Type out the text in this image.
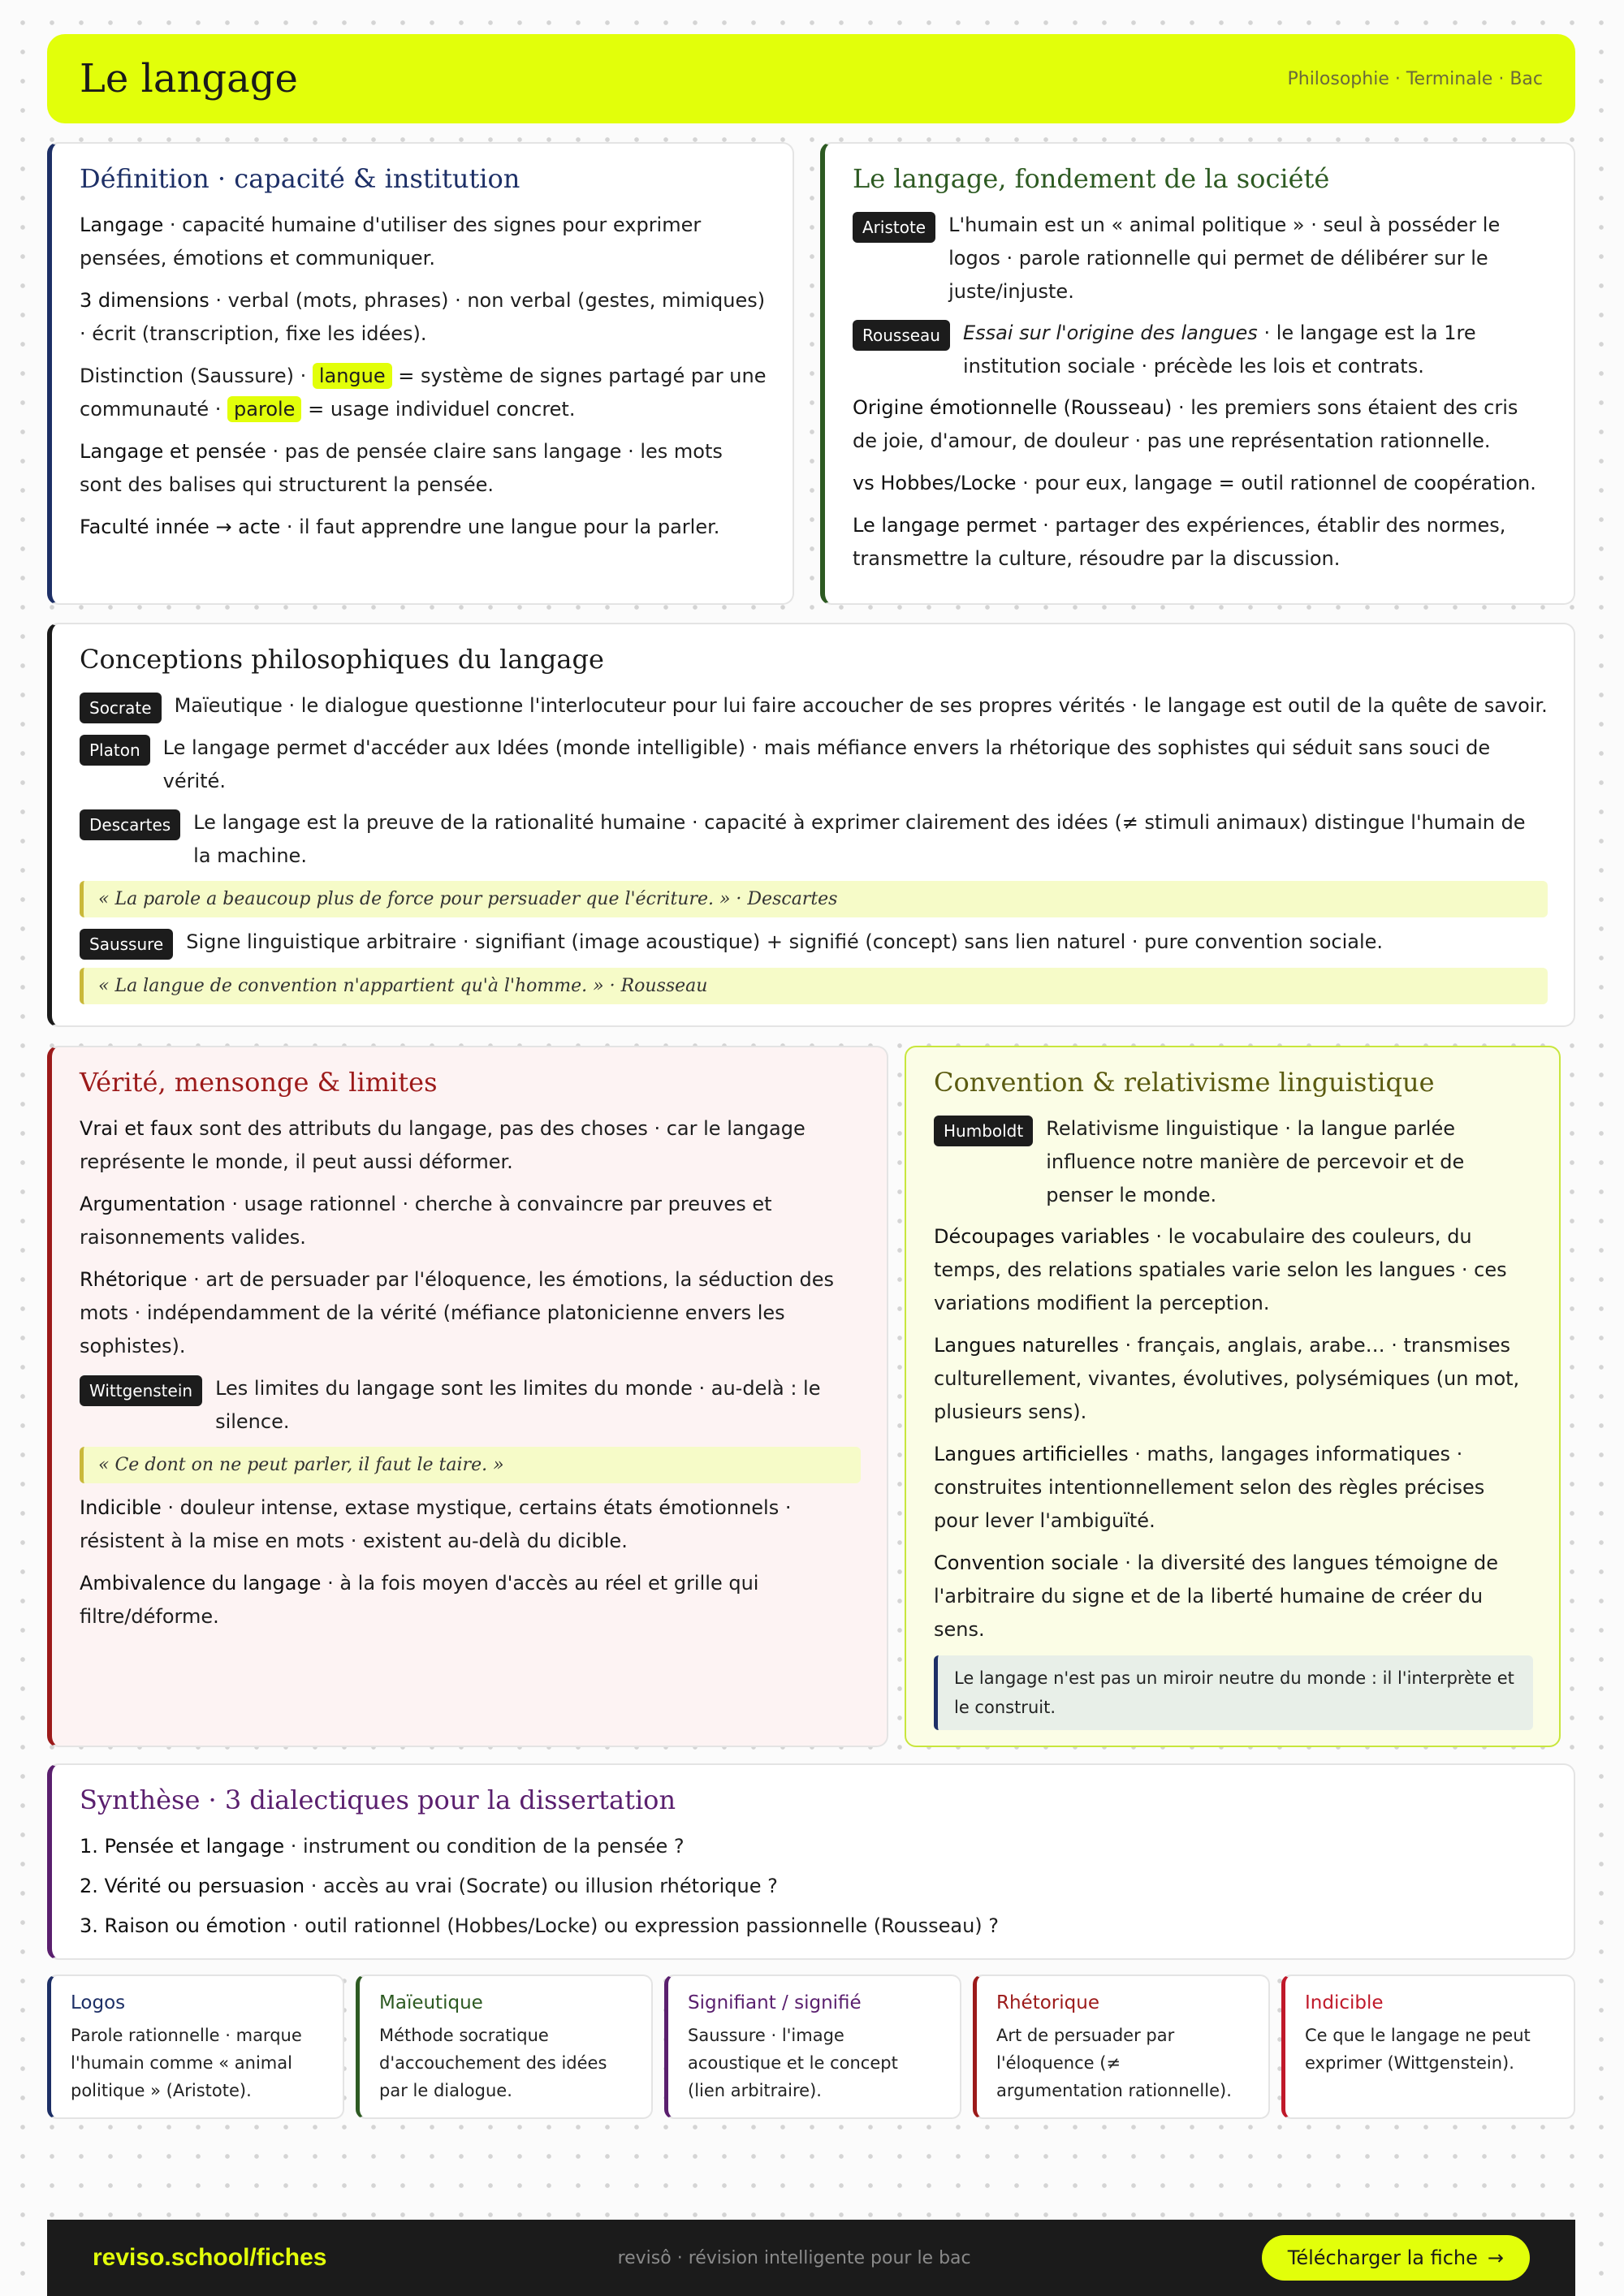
Le langage	Philosophie · Terminale · Bac
Définition · capacité & institution
Langage · capacité humaine d'utiliser des signes pour exprimer pensées, émotions et communiquer.
3 dimensions · verbal (mots, phrases) · non verbal (gestes, mimiques) · écrit (transcription, fixe les idées).
Distinction (Saussure) · langue = système de signes partagé par une communauté · parole = usage individuel concret.
Langage et pensée · pas de pensée claire sans langage · les mots sont des balises qui structurent la pensée.
Faculté innée → acte · il faut apprendre une langue pour la parler.
Le langage, fondement de la société
Aristote	L'humain est un « animal politique » · seul à posséder le logos · parole rationnelle qui permet de délibérer sur le juste/injuste.
Rousseau	Essai sur l'origine des langues · le langage est la 1re institution sociale · précède les lois et contrats.
Origine émotionnelle (Rousseau) · les premiers sons étaient des cris de joie, d'amour, de douleur · pas une représentation rationnelle.
vs Hobbes/Locke · pour eux, langage = outil rationnel de coopération.
Le langage permet · partager des expériences, établir des normes, transmettre la culture, résoudre par la discussion.
Conceptions philosophiques du langage
Socrate	Maïeutique · le dialogue questionne l'interlocuteur pour lui faire accoucher de ses propres vérités · le langage est outil de la quête de savoir.
Platon	Le langage permet d'accéder aux Idées (monde intelligible) · mais méfiance envers la rhétorique des sophistes qui séduit sans souci de vérité.
Descartes	Le langage est la preuve de la rationalité humaine · capacité à exprimer clairement des idées (≠ stimuli animaux) distingue l'humain de la machine.
« La parole a beaucoup plus de force pour persuader que l'écriture. » · Descartes
Saussure	Signe linguistique arbitraire · signifiant (image acoustique) + signifié (concept) sans lien naturel · pure convention sociale.
« La langue de convention n'appartient qu'à l'homme. » · Rousseau
Vérité, mensonge & limites
Vrai et faux sont des attributs du langage, pas des choses · car le langage représente le monde, il peut aussi déformer.
Argumentation · usage rationnel · cherche à convaincre par preuves et raisonnements valides.
Rhétorique · art de persuader par l'éloquence, les émotions, la séduction des mots · indépendamment de la vérité (méfiance platonicienne envers les sophistes).
Wittgenstein	Les limites du langage sont les limites du monde · au-delà : le silence.
« Ce dont on ne peut parler, il faut le taire. »
Indicible · douleur intense, extase mystique, certains états émotionnels · résistent à la mise en mots · existent au-delà du dicible.
Ambivalence du langage · à la fois moyen d'accès au réel et grille qui filtre/déforme.
Convention & relativisme linguistique
Humboldt	Relativisme linguistique · la langue parlée influence notre manière de percevoir et de penser le monde.
Découpages variables · le vocabulaire des couleurs, du temps, des relations spatiales varie selon les langues · ces variations modifient la perception.
Langues naturelles · français, anglais, arabe… · transmises culturellement, vivantes, évolutives, polysémiques (un mot, plusieurs sens).
Langues artificielles · maths, langages informatiques · construites intentionnellement selon des règles précises pour lever l'ambiguïté.
Convention sociale · la diversité des langues témoigne de l'arbitraire du signe et de la liberté humaine de créer du sens.
Le langage n'est pas un miroir neutre du monde : il l'interprète et le construit.
Synthèse · 3 dialectiques pour la dissertation
1. Pensée et langage · instrument ou condition de la pensée ?
2. Vérité ou persuasion · accès au vrai (Socrate) ou illusion rhétorique ?
3. Raison ou émotion · outil rationnel (Hobbes/Locke) ou expression passionnelle (Rousseau) ?
Logos
Parole rationnelle · marque l'humain comme « animal politique » (Aristote).
Maïeutique
Méthode socratique d'accouchement des idées par le dialogue.
Signifiant / signifié
Saussure · l'image acoustique et le concept (lien arbitraire).
Rhétorique
Art de persuader par l'éloquence (≠ argumentation rationnelle).
Indicible
Ce que le langage ne peut exprimer (Wittgenstein).
reviso.school/fiches	revisô · révision intelligente pour le bac	Télécharger la fiche →
